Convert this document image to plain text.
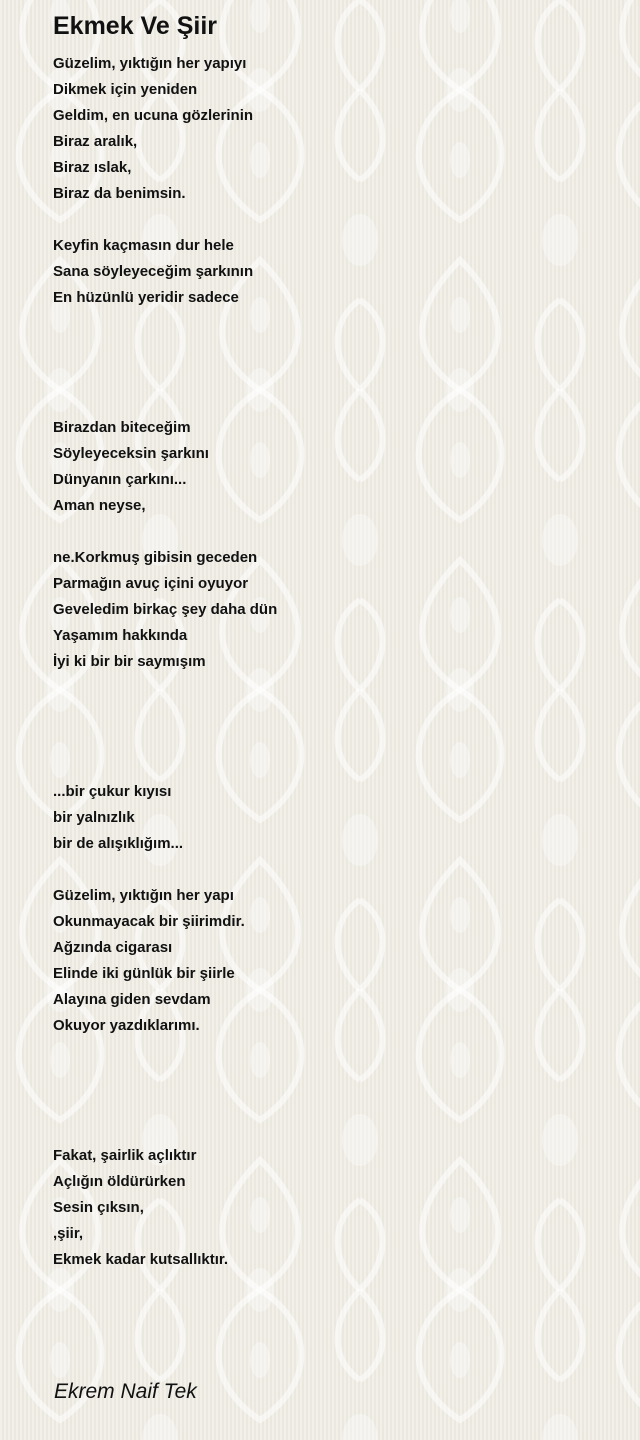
Ekmek Ve Şiir
Güzelim, yıktığın her yapıyı
Dikmek için yeniden
Geldim, en ucuna gözlerinin
Biraz aralık,
Biraz ıslak,
Biraz da benimsin.
Keyfin kaçmasın dur hele
Sana söyleyeceğim şarkının
En hüzünlü yeridir sadece
Birazdan biteceğim
Söyleyeceksin şarkını
Dünyanın çarkını...
Aman neyse,
ne.Korkmuş gibisin geceden
Parmağın avuç içini oyuyor
Geveledim birkaç şey daha dün
Yaşamım hakkında
İyi ki bir bir saymışım
...bir çukur kıyısı
bir yalnızlık
bir de alışıklığım...
Güzelim, yıktığın her yapı
Okunmayacak bir şiirimdir.
Ağzında cigarası
Elinde iki günlük bir şiirle
Alayına giden sevdam
Okuyor yazdıklarımı.
Fakat, şairlik açlıktır
Açlığın öldürürken
Sesin çıksın,
,şiir,
Ekmek kadar kutsallıktır.
Ekrem Naif Tek
